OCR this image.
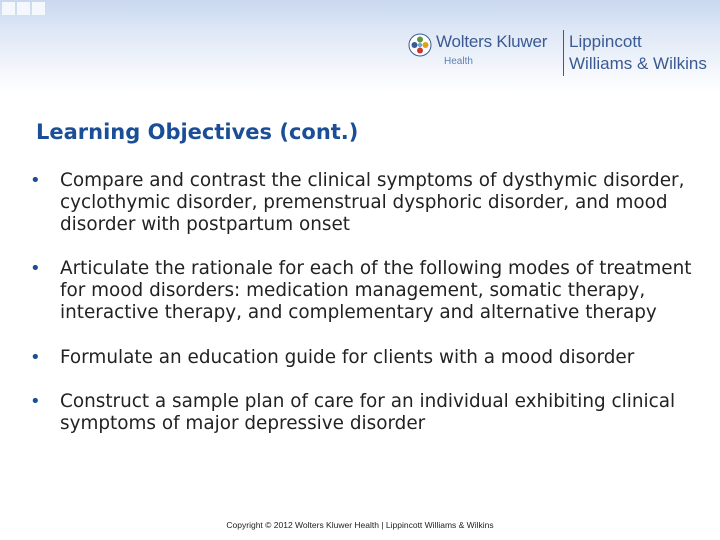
Wolters Kluwer
Health
Lippincott
Williams & Wilkins
Learning Objectives (cont.)
• Compare and contrast the clinical symptoms of dysthymic disorder, cyclothymic disorder, premenstrual dysphoric disorder, and mood disorder with postpartum onset
• Articulate the rationale for each of the following modes of treatment for mood disorders: medication management, somatic therapy, interactive therapy, and complementary and alternative therapy
• Formulate an education guide for clients with a mood disorder
• Construct a sample plan of care for an individual exhibiting clinical symptoms of major depressive disorder
Copyright © 2012 Wolters Kluwer Health | Lippincott Williams & Wilkins
